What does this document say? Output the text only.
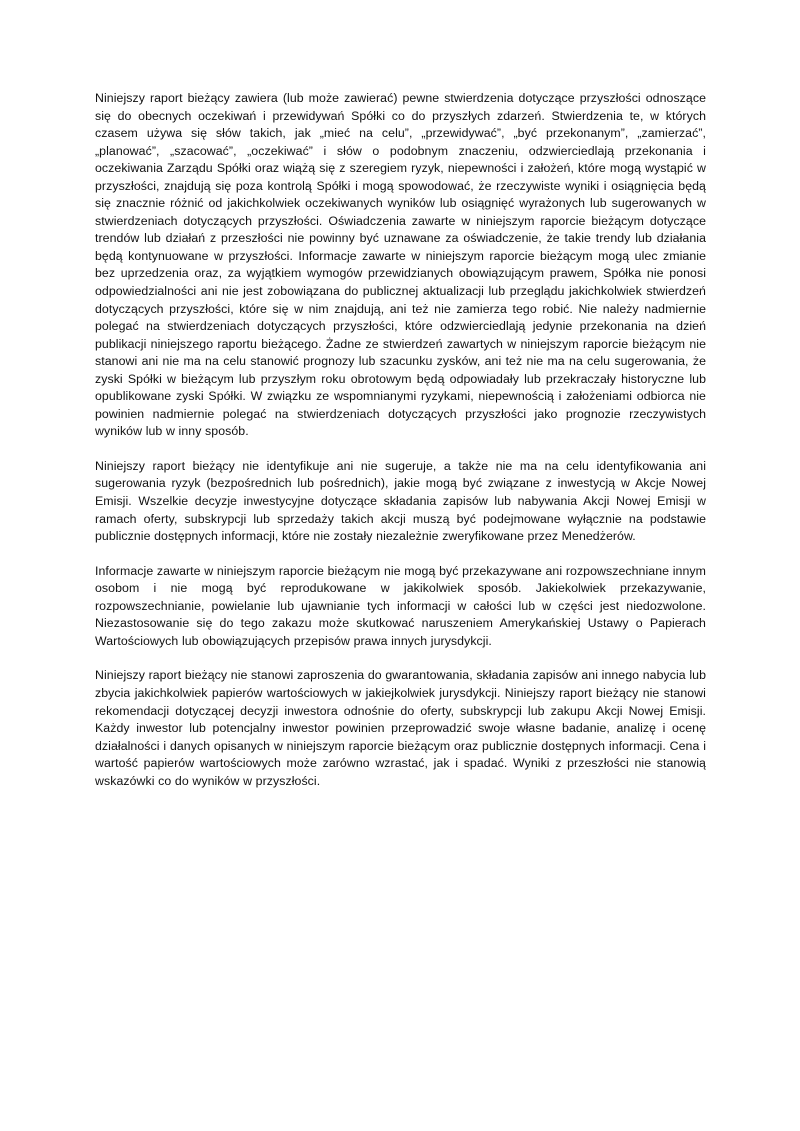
Niniejszy raport bieżący zawiera (lub może zawierać) pewne stwierdzenia dotyczące przyszłości odnoszące się do obecnych oczekiwań i przewidywań Spółki co do przyszłych zdarzeń. Stwierdzenia te, w których czasem używa się słów takich, jak „mieć na celu”, „przewidywać”, „być przekonanym”, „zamierzać”, „planować”, „szacować”, „oczekiwać” i słów o podobnym znaczeniu, odzwierciedlają przekonania i oczekiwania Zarządu Spółki oraz wiążą się z szeregiem ryzyk, niepewności i założeń, które mogą wystąpić w przyszłości, znajdują się poza kontrolą Spółki i mogą spowodować, że rzeczywiste wyniki i osiągnięcia będą się znacznie różnić od jakichkolwiek oczekiwanych wyników lub osiągnięć wyrażonych lub sugerowanych w stwierdzeniach dotyczących przyszłości. Oświadczenia zawarte w niniejszym raporcie bieżącym dotyczące trendów lub działań z przeszłości nie powinny być uznawane za oświadczenie, że takie trendy lub działania będą kontynuowane w przyszłości. Informacje zawarte w niniejszym raporcie bieżącym mogą ulec zmianie bez uprzedzenia oraz, za wyjątkiem wymogów przewidzianych obowiązującym prawem, Spółka nie ponosi odpowiedzialności ani nie jest zobowiązana do publicznej aktualizacji lub przeglądu jakichkolwiek stwierdzeń dotyczących przyszłości, które się w nim znajdują, ani też nie zamierza tego robić. Nie należy nadmiernie polegać na stwierdzeniach dotyczących przyszłości, które odzwierciedlają jedynie przekonania na dzień publikacji niniejszego raportu bieżącego. Żadne ze stwierdzeń zawartych w niniejszym raporcie bieżącym nie stanowi ani nie ma na celu stanowić prognozy lub szacunku zysków, ani też nie ma na celu sugerowania, że zyski Spółki w bieżącym lub przyszłym roku obrotowym będą odpowiadały lub przekraczały historyczne lub opublikowane zyski Spółki. W związku ze wspomnianymi ryzykami, niepewnością i założeniami odbiorca nie powinien nadmiernie polegać na stwierdzeniach dotyczących przyszłości jako prognozie rzeczywistych wyników lub w inny sposób.

Niniejszy raport bieżący nie identyfikuje ani nie sugeruje, a także nie ma na celu identyfikowania ani sugerowania ryzyk (bezpośrednich lub pośrednich), jakie mogą być związane z inwestycją w Akcje Nowej Emisji. Wszelkie decyzje inwestycyjne dotyczące składania zapisów lub nabywania Akcji Nowej Emisji w ramach oferty, subskrypcji lub sprzedaży takich akcji muszą być podejmowane wyłącznie na podstawie publicznie dostępnych informacji, które nie zostały niezależnie zweryfikowane przez Menedżerów.

Informacje zawarte w niniejszym raporcie bieżącym nie mogą być przekazywane ani rozpowszechniane innym osobom i nie mogą być reprodukowane w jakikolwiek sposób. Jakiekolwiek przekazywanie, rozpowszechnianie, powielanie lub ujawnianie tych informacji w całości lub w części jest niedozwolone. Niezastosowanie się do tego zakazu może skutkować naruszeniem Amerykańskiej Ustawy o Papierach Wartościowych lub obowiązujących przepisów prawa innych jurysdykcji.

Niniejszy raport bieżący nie stanowi zaproszenia do gwarantowania, składania zapisów ani innego nabycia lub zbycia jakichkolwiek papierów wartościowych w jakiejkolwiek jurysdykcji. Niniejszy raport bieżący nie stanowi rekomendacji dotyczącej decyzji inwestora odnośnie do oferty, subskrypcji lub zakupu Akcji Nowej Emisji. Każdy inwestor lub potencjalny inwestor powinien przeprowadzić swoje własne badanie, analizę i ocenę działalności i danych opisanych w niniejszym raporcie bieżącym oraz publicznie dostępnych informacji. Cena i wartość papierów wartościowych może zarówno wzrastać, jak i spadać. Wyniki z przeszłości nie stanowią wskazówki co do wyników w przyszłości.
